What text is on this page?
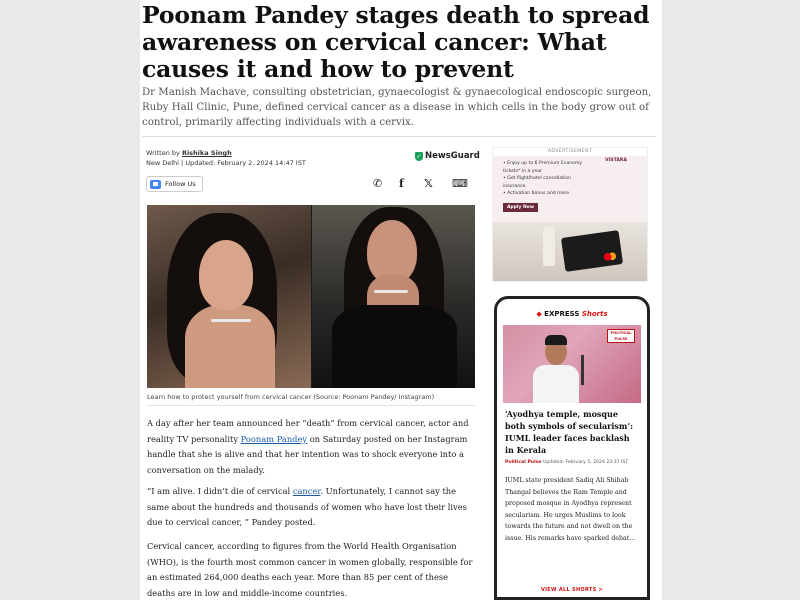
Poonam Pandey stages death to spread awareness on cervical cancer: What causes it and how to prevent

Dr Manish Machave, consulting obstetrician, gynaecologist & gynaecological endoscopic surgeon, Ruby Hall Clinic, Pune, defined cervical cancer as a disease in which cells in the body grow out of control, primarily affecting individuals with a cervix.

Written by Rishika Singh
New Delhi | Updated: February 2, 2024 14:47 IST
✓ NewsGuard
Follow Us	✆ f 𝕏 ⌨
Learn how to protect yourself from cervical cancer (Source: Poonam Pandey/ Instagram)

A day after her team announced her “death” from cervical cancer, actor and reality TV personality Poonam Pandey on Saturday posted on her Instagram handle that she is alive and that her intention was to shock everyone into a conversation on the malady.

“I am alive. I didn’t die of cervical cancer. Unfortunately, I cannot say the same about the hundreds and thousands of women who have lost their lives due to cervical cancer, ” Pandey posted.

Cervical cancer, according to figures from the World Health Organisation (WHO), is the fourth most common cancer in women globally, responsible for an estimated 264,000 deaths each year. More than 85 per cent of these deaths are in low and middle-income countries.

ADVERTISEMENT
• Enjoy up to 6 Premium Economy tickets* in a year
• Get flight/hotel cancellation insurance
• Activation bonus and more
VISTARA
Apply Now
◆ EXPRESS Shorts
POLITICAL PULSE
‘Ayodhya temple, mosque both symbols of secularism’: IUML leader faces backlash in Kerala
Political Pulse Updated: February 5, 2024 23:37 IST
IUML state president Sadiq Ali Shihab Thangal believes the Ram Temple and proposed mosque in Ayodhya represent secularism. He urges Muslims to look towards the future and not dwell on the issue. His remarks have sparked debat...
VIEW ALL SHORTS >
